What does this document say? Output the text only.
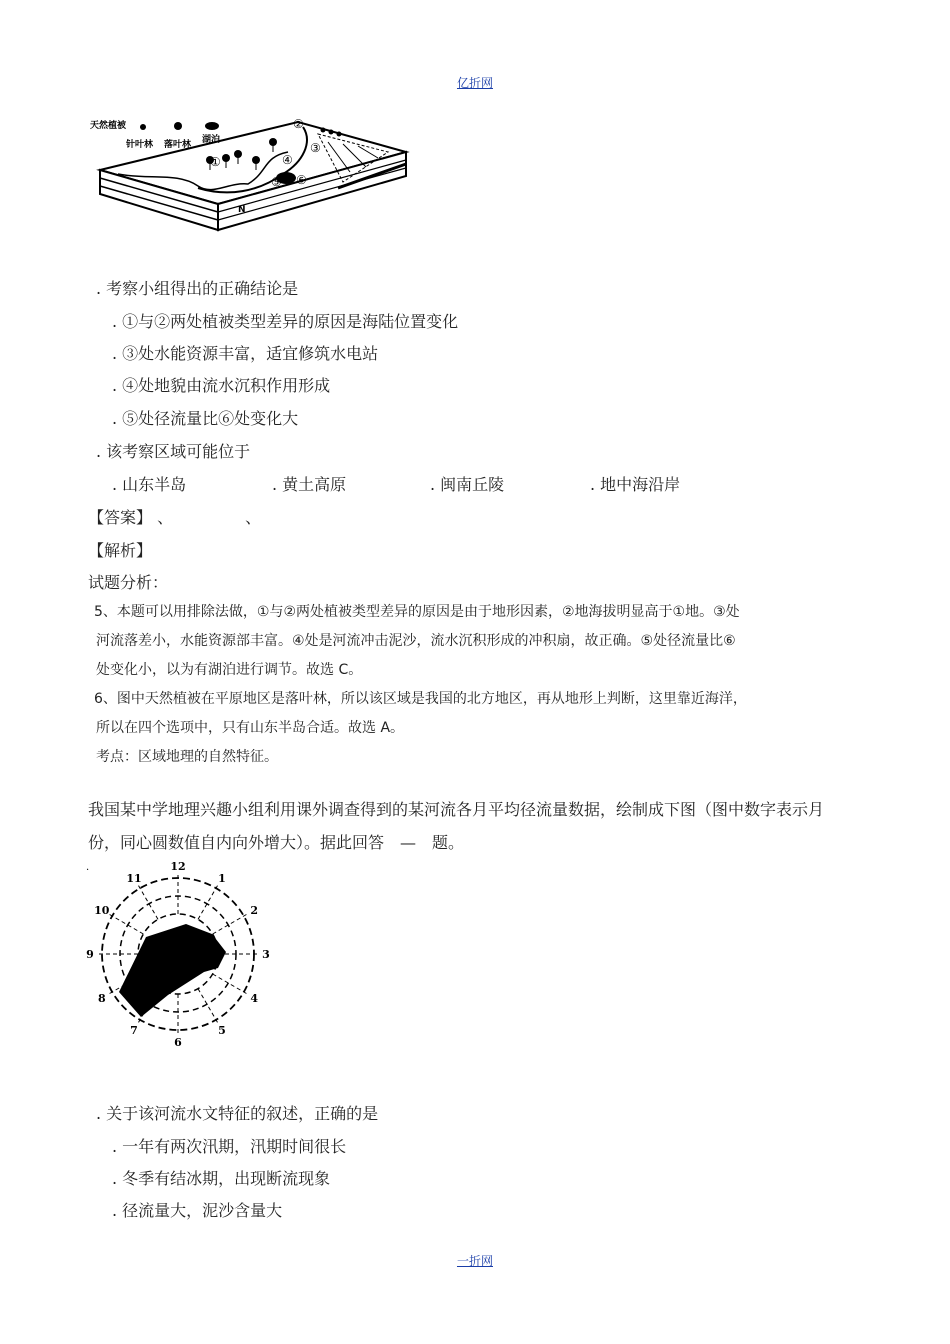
亿折网
天然植被
针叶林 落叶林 湖泊
N
①
②
③
④
⑤ ⑥
. 考察小组得出的正确结论是
. ①与②两处植被类型差异的原因是海陆位置变化
. ③处水能资源丰富，适宜修筑水电站
. ④处地貌由流水沉积作用形成
. ⑤处径流量比⑥处变化大
. 该考察区域可能位于
. 山东半岛	. 黄土高原	. 闽南丘陵	. 地中海沿岸
【答案】 、　　　　　、
【解析】
试题分析：
5、本题可以用排除法做，①与②两处植被类型差异的原因是由于地形因素，②地海拔明显高于①地。③处
河流落差小，水能资源部丰富。④处是河流冲击泥沙，流水沉积形成的冲积扇，故正确。⑤处径流量比⑥
处变化小，以为有湖泊进行调节。故选 C。
6、图中天然植被在平原地区是落叶林，所以该区域是我国的北方地区，再从地形上判断，这里靠近海洋，
所以在四个选项中，只有山东半岛合适。故选 A。
考点：区域地理的自然特征。
我国某中学地理兴趣小组利用课外调查得到的某河流各月平均径流量数据，绘制成下图（图中数字表示月
份，同心圆数值自内向外增大）。据此回答　—　题。
.	12
1
2
3
4
5
6
7
8
9
10
11
. 关于该河流水文特征的叙述，正确的是
. 一年有两次汛期，汛期时间很长
. 冬季有结冰期，出现断流现象
. 径流量大，泥沙含量大
一折网
